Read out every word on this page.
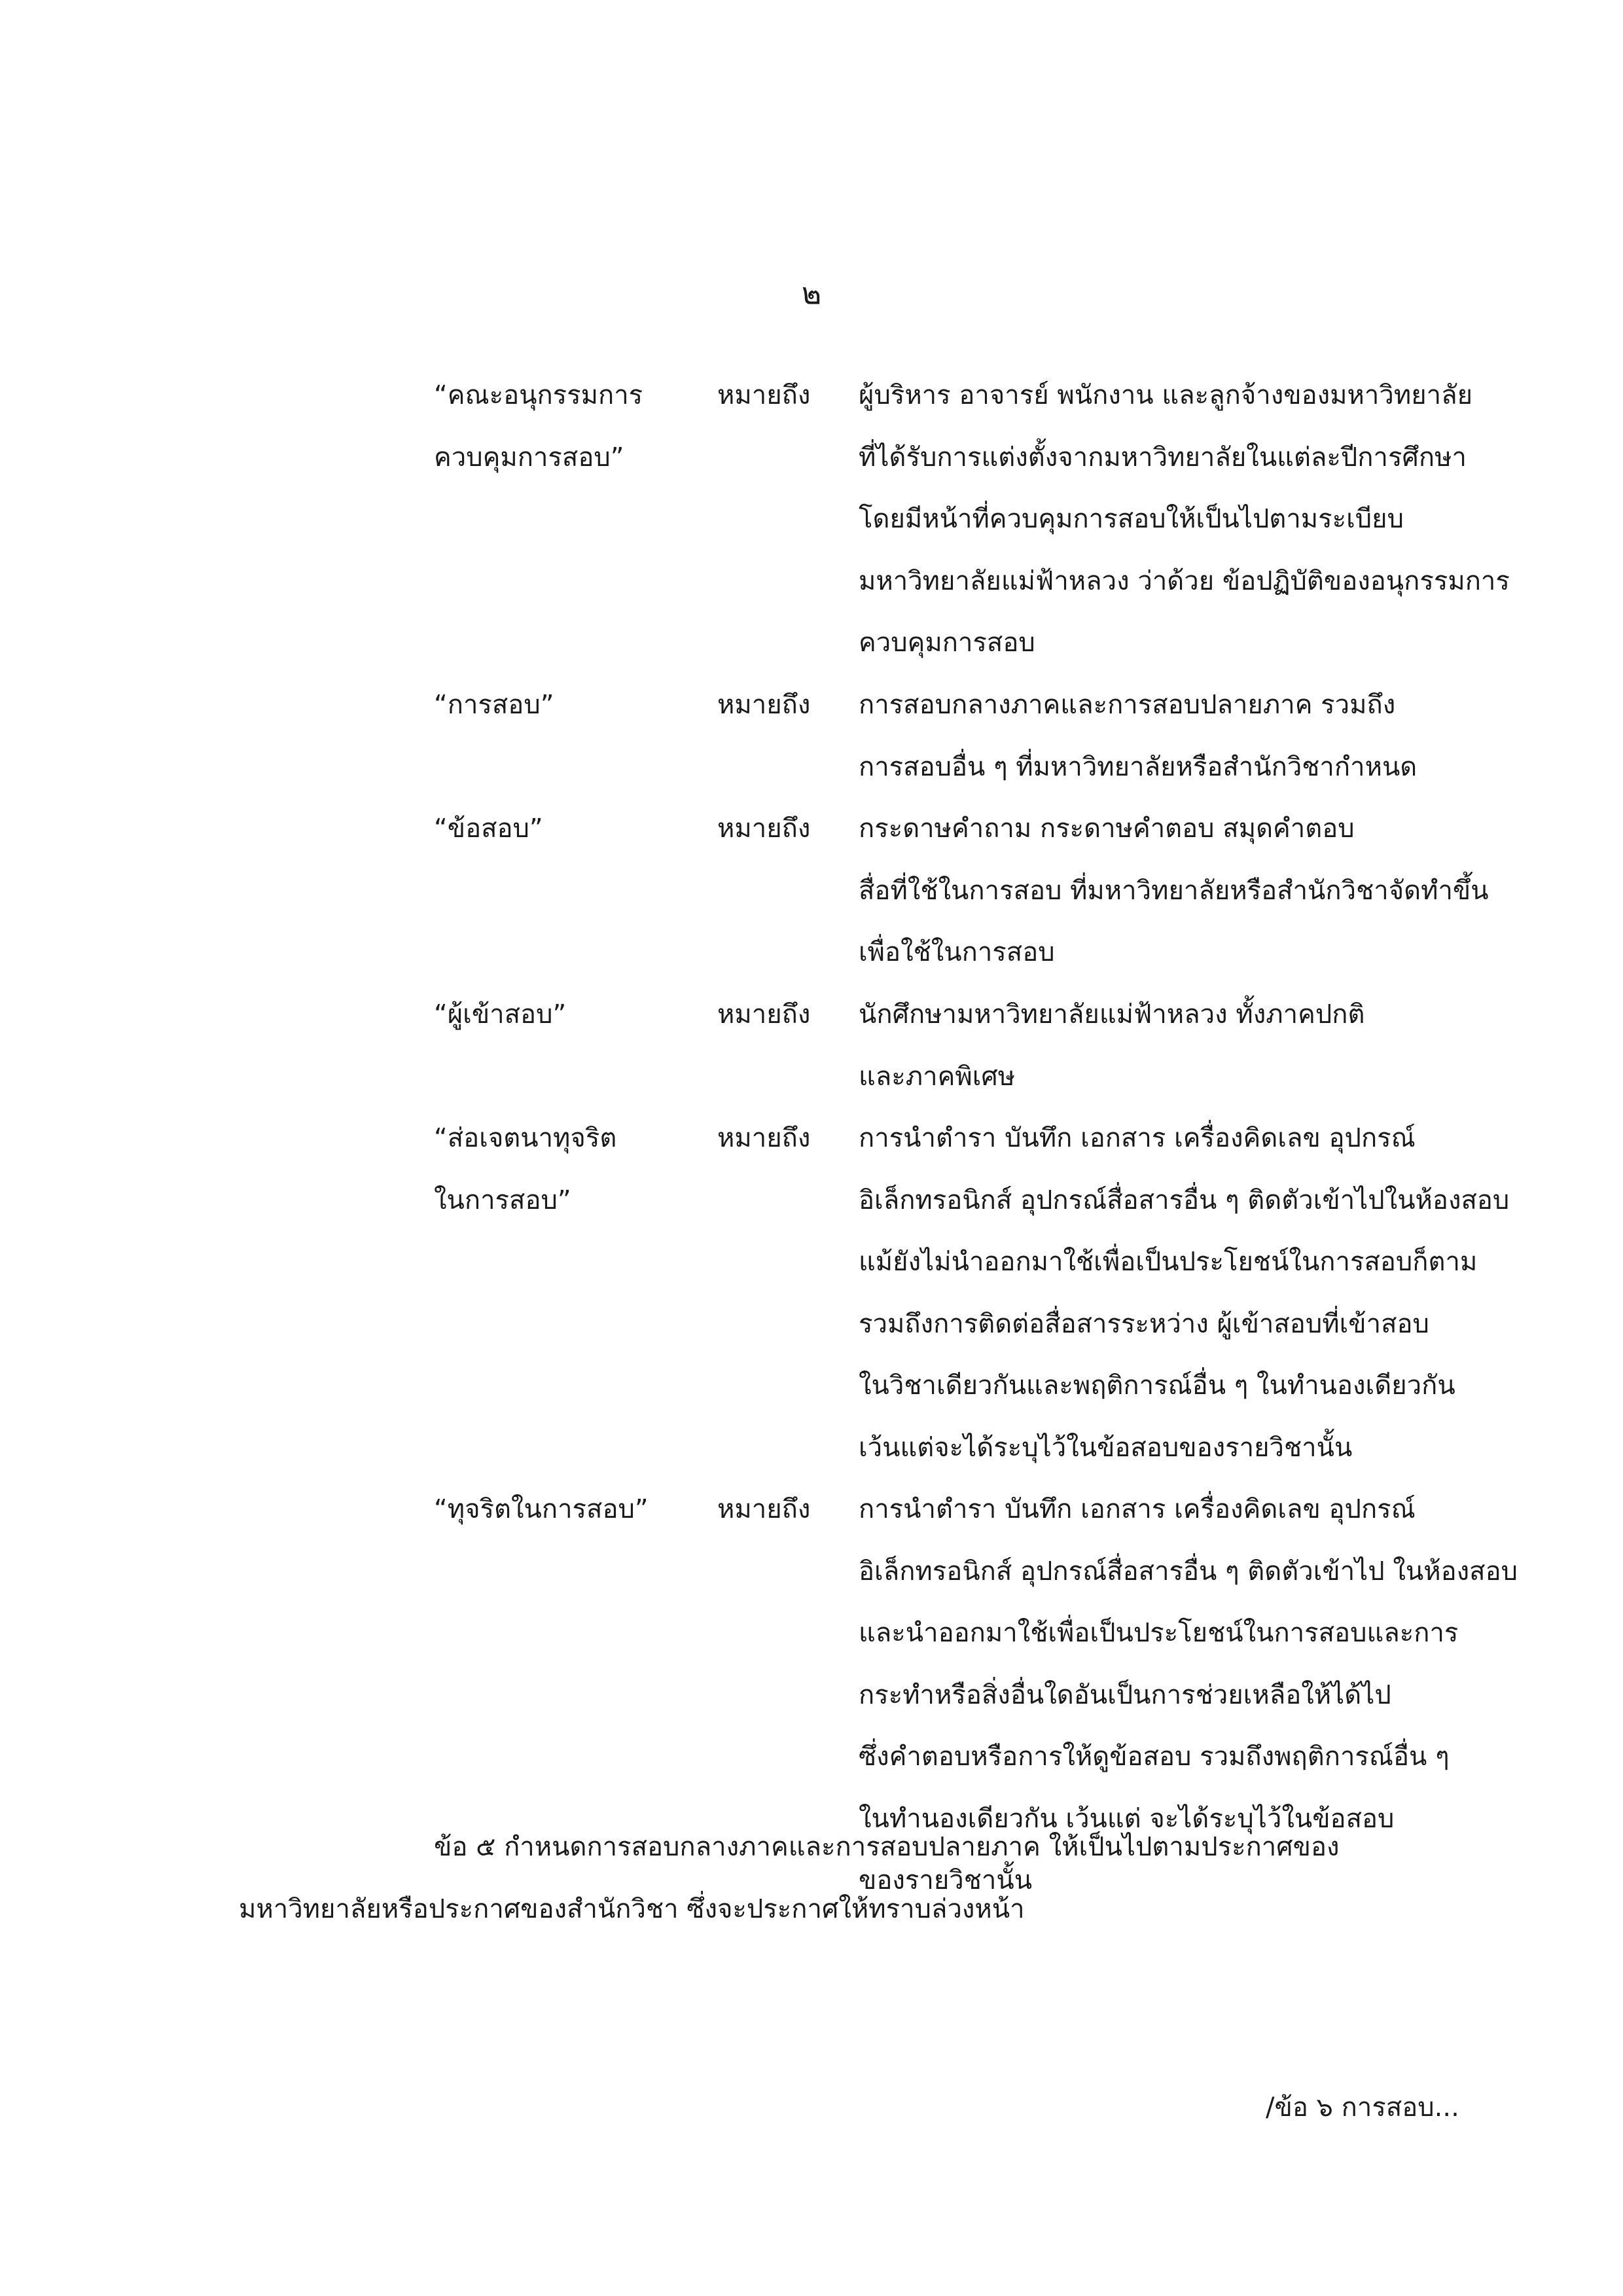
๒
“คณะอนุกรรมการ
ควบคุมการสอบ”
หมายถึง	ผู้บริหาร อาจารย์ พนักงาน และลูกจ้างของมหาวิทยาลัย
ที่ได้รับการแต่งตั้งจากมหาวิทยาลัยในแต่ละปีการศึกษา
โดยมีหน้าที่ควบคุมการสอบให้เป็นไปตามระเบียบ
มหาวิทยาลัยแม่ฟ้าหลวง ว่าด้วย ข้อปฏิบัติของอนุกรรมการ
ควบคุมการสอบ
“การสอบ”	หมายถึง	การสอบกลางภาคและการสอบปลายภาค รวมถึง
การสอบอื่น ๆ ที่มหาวิทยาลัยหรือสำนักวิชากำหนด
“ข้อสอบ”	หมายถึง	กระดาษคำถาม กระดาษคำตอบ สมุดคำตอบ
สื่อที่ใช้ในการสอบ ที่มหาวิทยาลัยหรือสำนักวิชาจัดทำขึ้น
เพื่อใช้ในการสอบ
“ผู้เข้าสอบ”	หมายถึง	นักศึกษามหาวิทยาลัยแม่ฟ้าหลวง ทั้งภาคปกติ
และภาคพิเศษ
“ส่อเจตนาทุจริต
ในการสอบ”
หมายถึง	การนำตำรา บันทึก เอกสาร เครื่องคิดเลข อุปกรณ์
อิเล็กทรอนิกส์ อุปกรณ์สื่อสารอื่น ๆ ติดตัวเข้าไปในห้องสอบ
แม้ยังไม่นำออกมาใช้เพื่อเป็นประโยชน์ในการสอบก็ตาม
รวมถึงการติดต่อสื่อสารระหว่าง ผู้เข้าสอบที่เข้าสอบ
ในวิชาเดียวกันและพฤติการณ์อื่น ๆ ในทำนองเดียวกัน
เว้นแต่จะได้ระบุไว้ในข้อสอบของรายวิชานั้น
“ทุจริตในการสอบ”	หมายถึง	การนำตำรา บันทึก เอกสาร เครื่องคิดเลข อุปกรณ์
อิเล็กทรอนิกส์ อุปกรณ์สื่อสารอื่น ๆ ติดตัวเข้าไป ในห้องสอบ
และนำออกมาใช้เพื่อเป็นประโยชน์ในการสอบและการ
กระทำหรือสิ่งอื่นใดอันเป็นการช่วยเหลือให้ได้ไป
ซึ่งคำตอบหรือการให้ดูข้อสอบ รวมถึงพฤติการณ์อื่น ๆ
ในทำนองเดียวกัน เว้นแต่ จะได้ระบุไว้ในข้อสอบ
ของรายวิชานั้น
ข้อ ๕ กำหนดการสอบกลางภาคและการสอบปลายภาค ให้เป็นไปตามประกาศของ
มหาวิทยาลัยหรือประกาศของสำนักวิชา ซึ่งจะประกาศให้ทราบล่วงหน้า
/ข้อ ๖ การสอบ...
